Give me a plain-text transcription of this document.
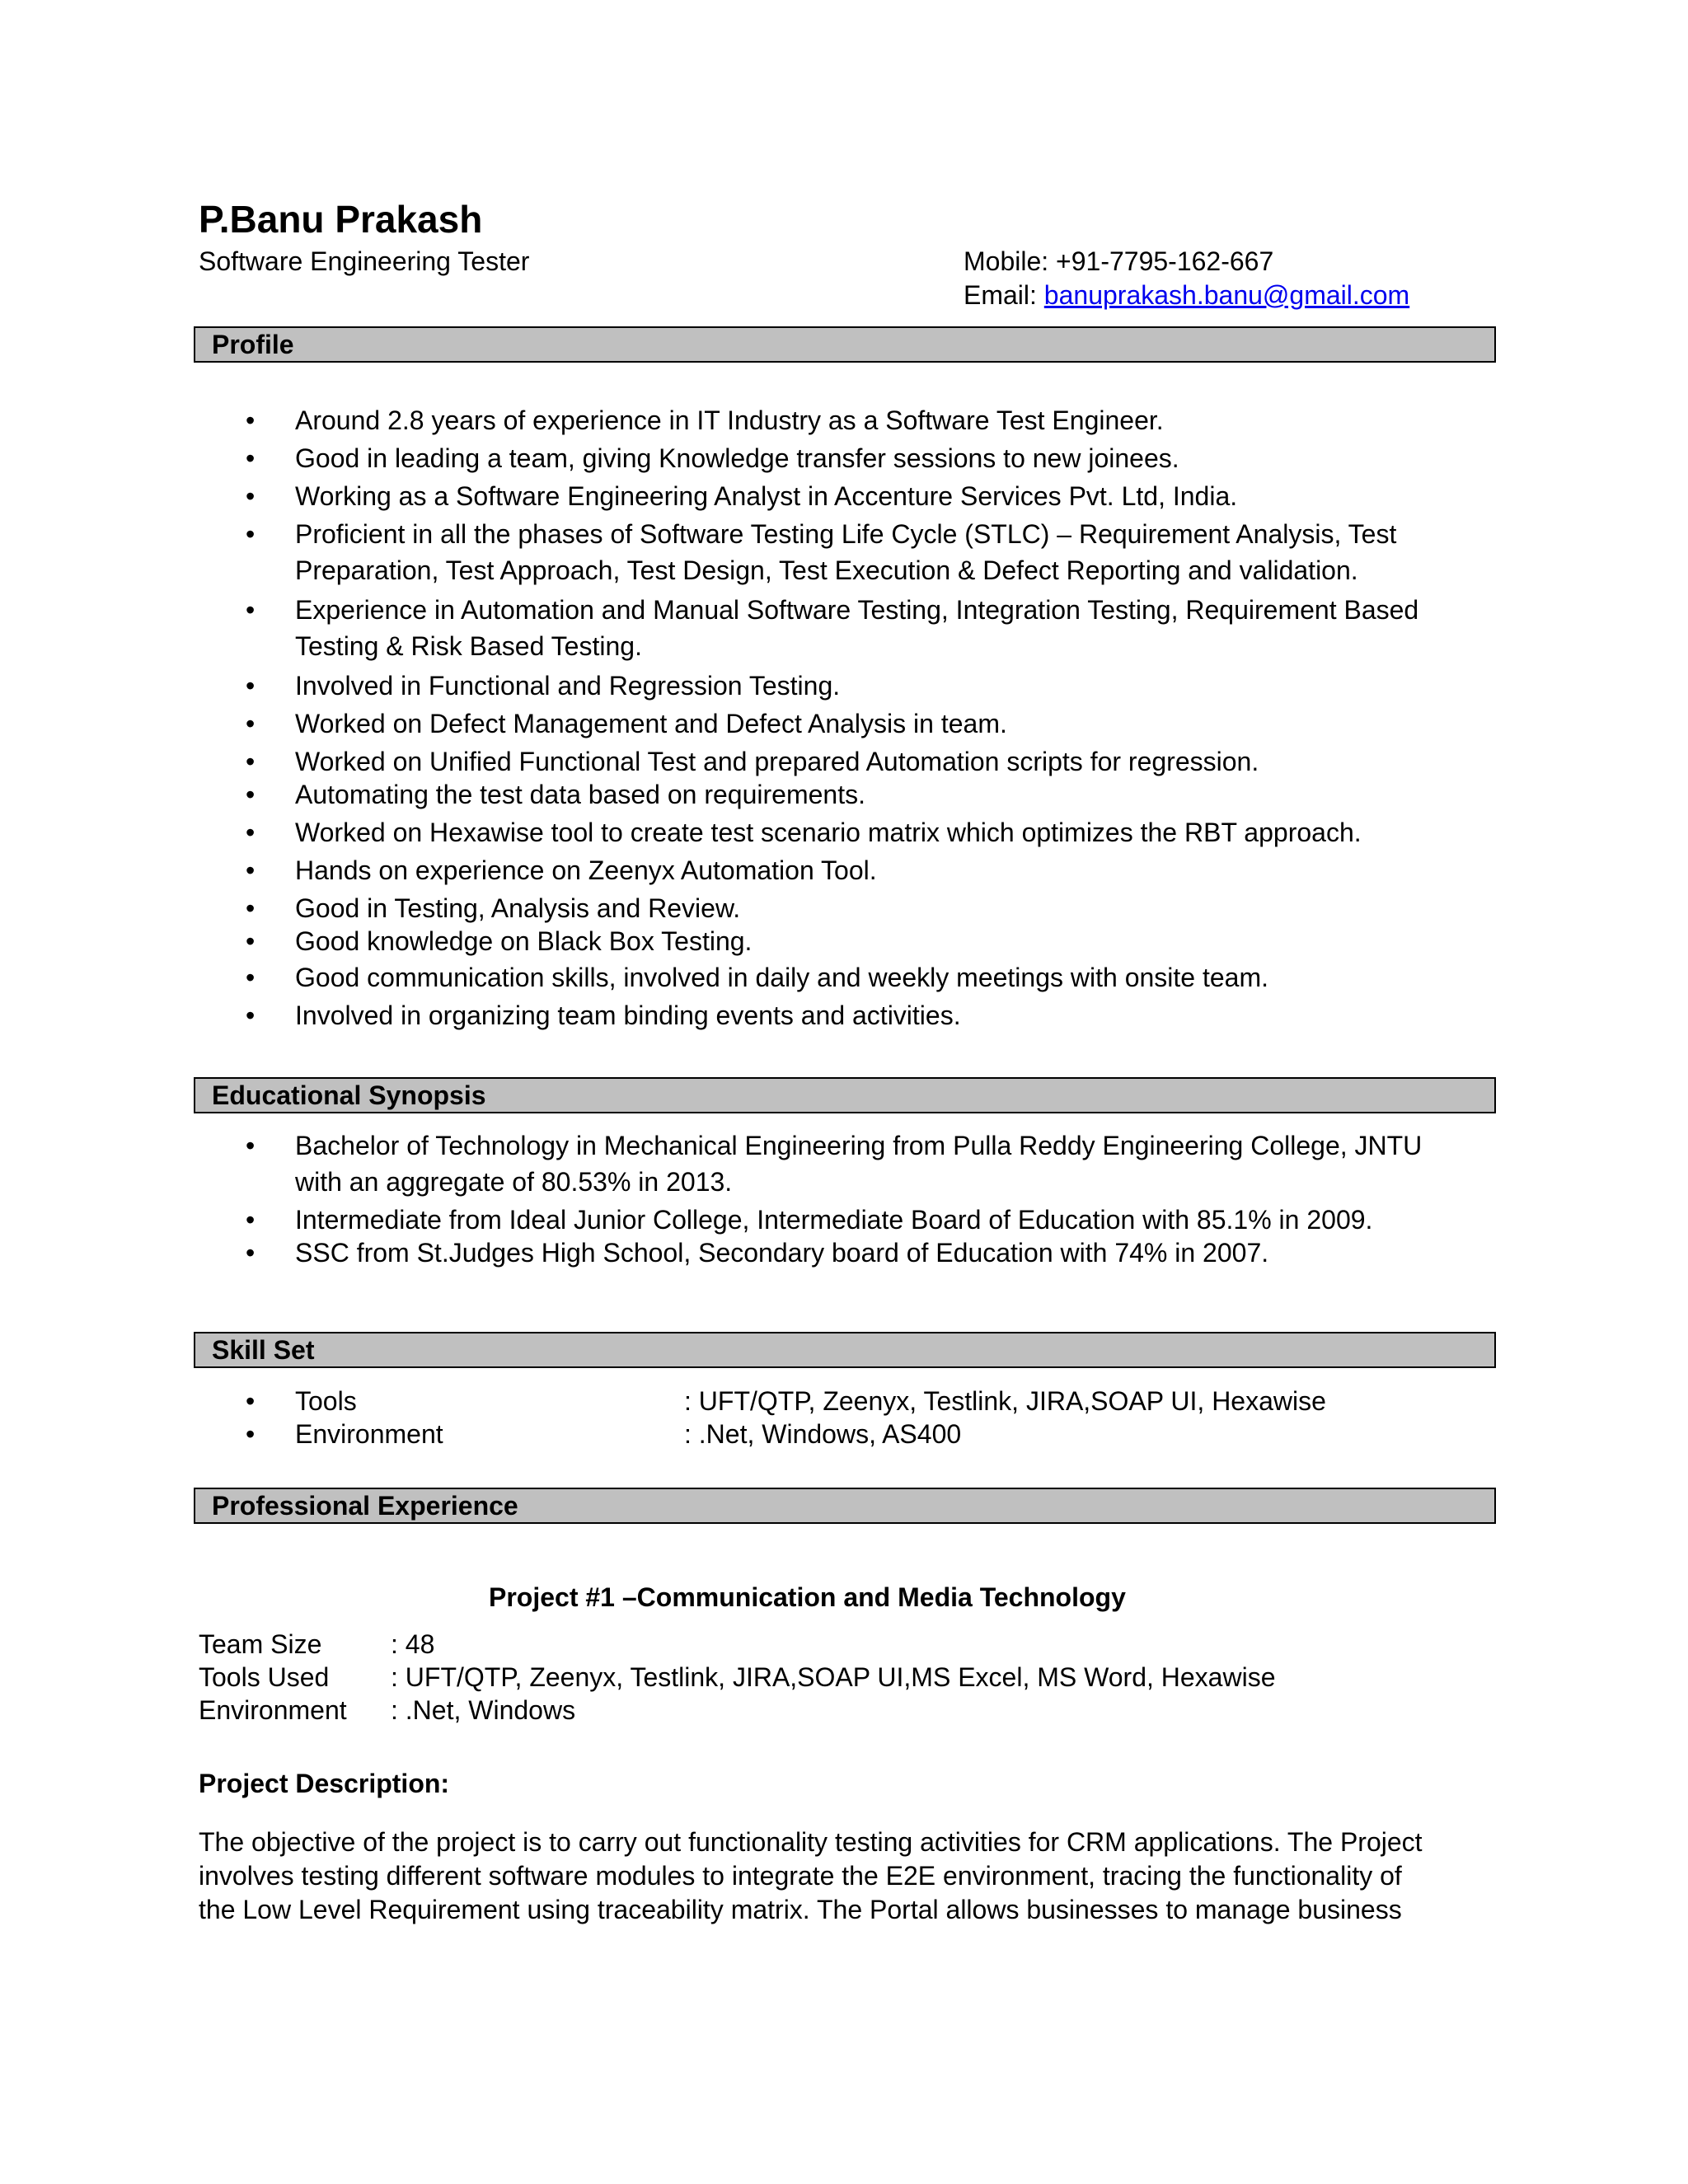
P.Banu Prakash
Software Engineering Tester	Mobile: +91-7795-162-667
Email: banuprakash.banu@gmail.com
Profile
• Around 2.8 years of experience in IT Industry as a Software Test Engineer.
• Good in leading a team, giving Knowledge transfer sessions to new joinees.
• Working as a Software Engineering Analyst in Accenture Services Pvt. Ltd, India.
• Proficient in all the phases of Software Testing Life Cycle (STLC) – Requirement Analysis, Test
Preparation, Test Approach, Test Design, Test Execution & Defect Reporting and validation.
• Experience in Automation and Manual Software Testing, Integration Testing, Requirement Based
Testing & Risk Based Testing.
• Involved in Functional and Regression Testing.
• Worked on Defect Management and Defect Analysis in team.
• Worked on Unified Functional Test and prepared Automation scripts for regression.
• Automating the test data based on requirements.
• Worked on Hexawise tool to create test scenario matrix which optimizes the RBT approach.
• Hands on experience on Zeenyx Automation Tool.
• Good in Testing, Analysis and Review.
• Good knowledge on Black Box Testing.
• Good communication skills, involved in daily and weekly meetings with onsite team.
• Involved in organizing team binding events and activities.
Educational Synopsis
• Bachelor of Technology in Mechanical Engineering from Pulla Reddy Engineering College, JNTU
with an aggregate of 80.53% in 2013.
• Intermediate from Ideal Junior College, Intermediate Board of Education with 85.1% in 2009.
• SSC from St.Judges High School, Secondary board of Education with 74% in 2007.
Skill Set
• Tools	: UFT/QTP, Zeenyx, Testlink, JIRA,SOAP UI, Hexawise
• Environment	: .Net, Windows, AS400
Professional Experience
Project #1 –Communication and Media Technology
Team Size	: 48
Tools Used : UFT/QTP, Zeenyx, Testlink, JIRA,SOAP UI,MS Excel, MS Word, Hexawise
Environment : .Net, Windows
Project Description:
The objective of the project is to carry out functionality testing activities for CRM applications. The Project
involves testing different software modules to integrate the E2E environment, tracing the functionality of
the Low Level Requirement using traceability matrix. The Portal allows businesses to manage business
